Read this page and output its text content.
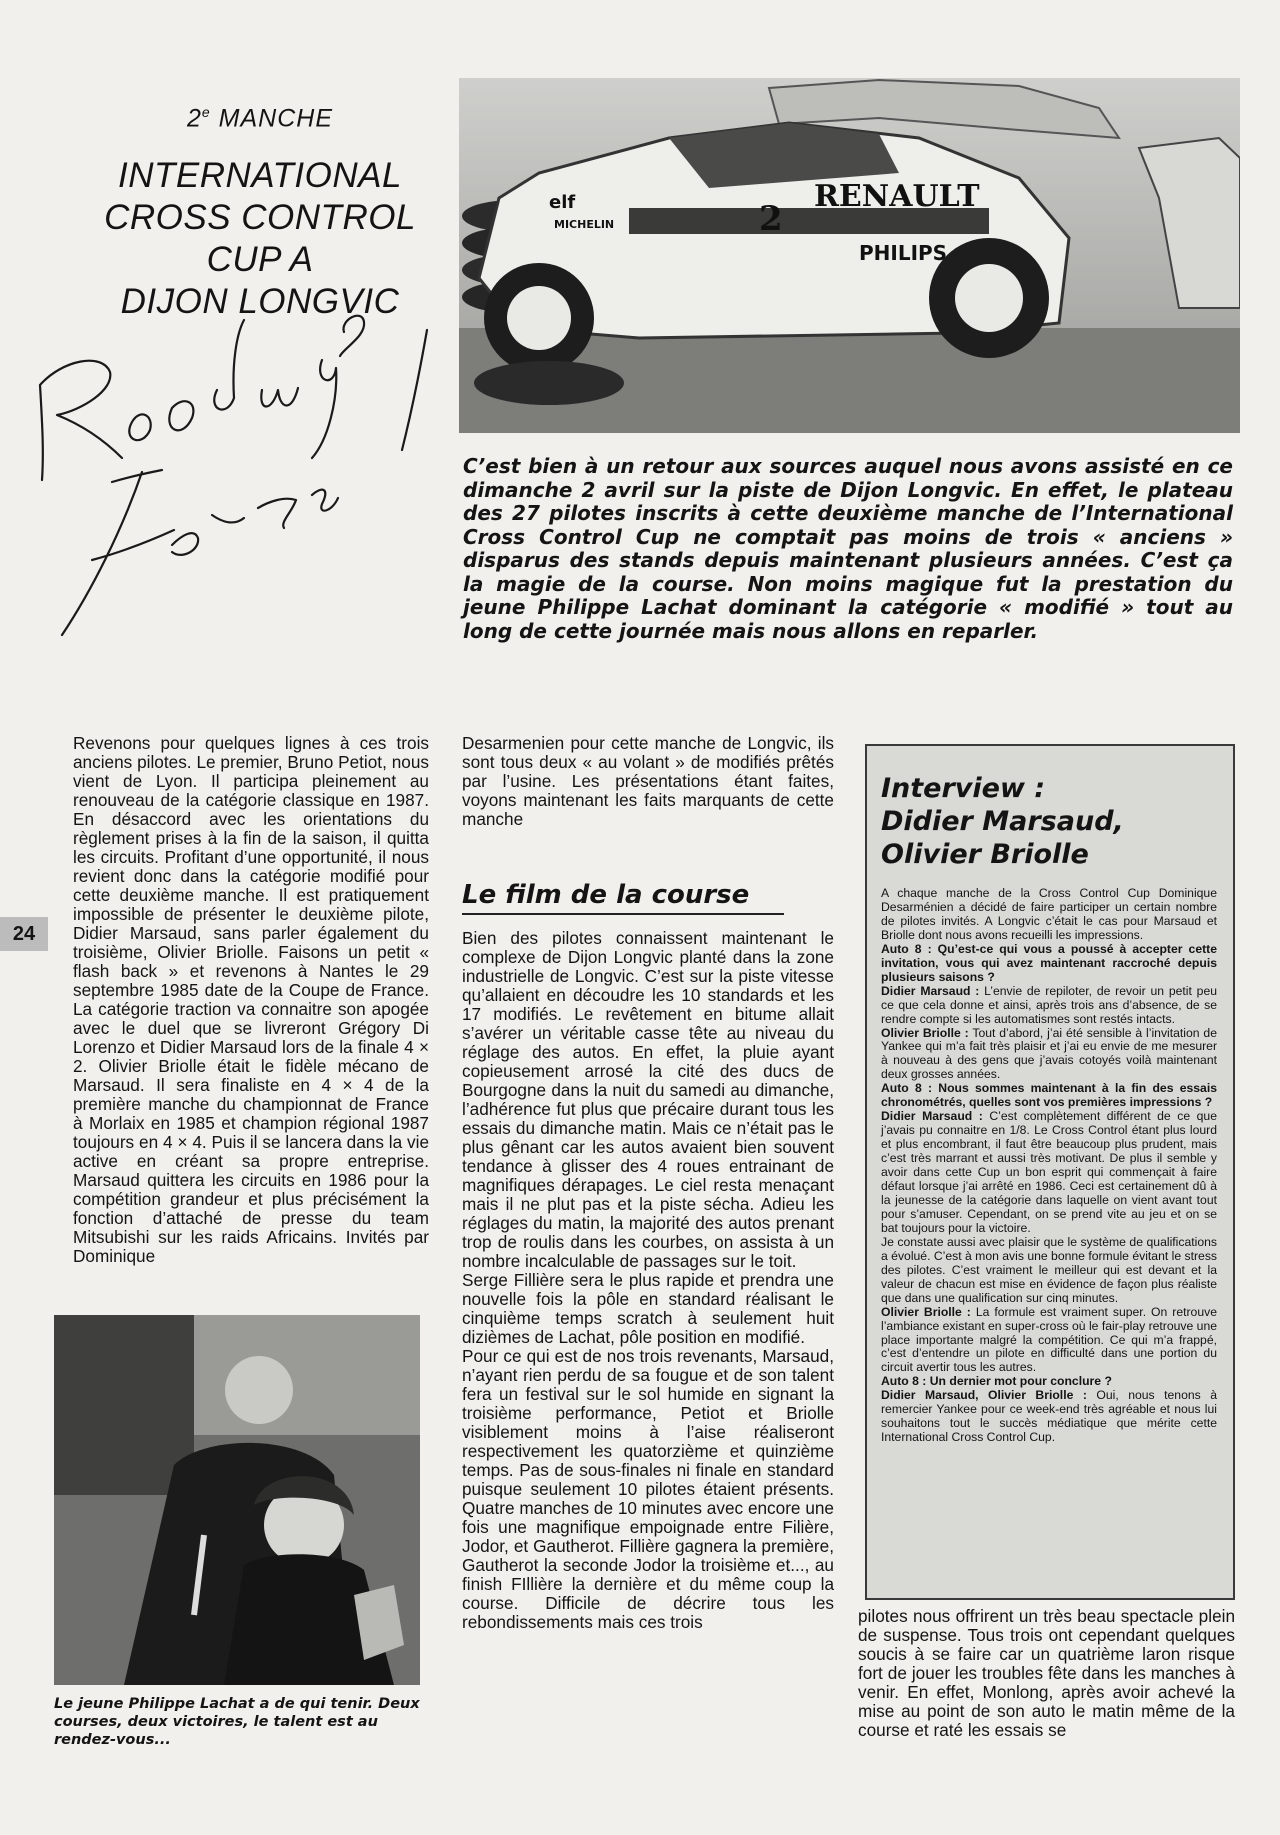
24
2e MANCHE
INTERNATIONAL
CROSS CONTROL
CUP A
DIJON LONGVIC
2
RENAULT
PHILIPS
elf
MICHELIN
C’est bien à un retour aux sources auquel nous avons assisté en ce dimanche 2 avril sur la piste de Dijon Longvic. En effet, le plateau des 27 pilotes inscrits à cette deuxième manche de l’International Cross Control Cup ne comptait pas moins de trois « anciens » disparus des stands depuis maintenant plusieurs années. C’est ça la magie de la course. Non moins magique fut la prestation du jeune Philippe Lachat dominant la catégorie « modifié » tout au long de cette journée mais nous allons en reparler.

Revenons pour quelques lignes à ces trois anciens pilotes. Le premier, Bruno Petiot, nous vient de Lyon. Il participa pleinement au renouveau de la catégorie classique en 1987. En désaccord avec les orientations du règlement prises à la fin de la saison, il quitta les circuits. Profitant d’une opportunité, il nous revient donc dans la catégorie modifié pour cette deuxième manche. Il est pratiquement impossible de présenter le deuxième pilote, Didier Marsaud, sans parler également du troisième, Olivier Briolle. Faisons un petit « flash back » et revenons à Nantes le 29 septembre 1985 date de la Coupe de France. La catégorie traction va connaitre son apogée avec le duel que se livreront Grégory Di Lorenzo et Didier Marsaud lors de la finale 4 × 2. Olivier Briolle était le fidèle mécano de Marsaud. Il sera finaliste en 4 × 4 de la première manche du championnat de France à Morlaix en 1985 et champion régional 1987 toujours en 4 × 4. Puis il se lancera dans la vie active en créant sa propre entreprise. Marsaud quittera les circuits en 1986 pour la compétition grandeur et plus précisément la fonction d’attaché de presse du team Mitsubishi sur les raids Africains. Invités par Dominique

Desarmenien pour cette manche de Longvic, ils sont tous deux « au volant » de modifiés prêtés par l’usine. Les présentations étant faites, voyons maintenant les faits marquants de cette manche

Le film de la course

Bien des pilotes connaissent maintenant le complexe de Dijon Longvic planté dans la zone industrielle de Longvic. C’est sur la piste vitesse qu’allaient en découdre les 10 standards et les 17 modifiés. Le revêtement en bitume allait s’avérer un véritable casse tête au niveau du réglage des autos. En effet, la pluie ayant copieusement arrosé la cité des ducs de Bourgogne dans la nuit du samedi au dimanche, l’adhérence fut plus que précaire durant tous les essais du dimanche matin. Mais ce n’était pas le plus gênant car les autos avaient bien souvent tendance à glisser des 4 roues entrainant de magnifiques dérapages. Le ciel resta menaçant mais il ne plut pas et la piste sécha. Adieu les réglages du matin, la majorité des autos prenant trop de roulis dans les courbes, on assista à un nombre incalculable de passages sur le toit.

Serge Fillière sera le plus rapide et prendra une nouvelle fois la pôle en standard réalisant le cinquième temps scratch à seulement huit dizièmes de Lachat, pôle position en modifié.

Pour ce qui est de nos trois revenants, Marsaud, n’ayant rien perdu de sa fougue et de son talent fera un festival sur le sol humide en signant la troisième performance, Petiot et Briolle visiblement moins à l’aise réaliseront respectivement les quatorzième et quinzième temps. Pas de sous-finales ni finale en standard puisque seulement 10 pilotes étaient présents. Quatre manches de 10 minutes avec encore une fois une magnifique empoignade entre Filière, Jodor, et Gautherot. Fillière gagnera la première, Gautherot la seconde Jodor la troisième et..., au finish FIllière la dernière et du même coup la course. Difficile de décrire tous les rebondissements mais ces trois

Le jeune Philippe Lachat a de qui tenir. Deux courses, deux victoires, le talent est au rendez-vous...
Interview :
Didier Marsaud,
Olivier Briolle

A chaque manche de la Cross Control Cup Dominique Desarménien a décidé de faire participer un certain nombre de pilotes invités. A Longvic c’était le cas pour Marsaud et Briolle dont nous avons recueilli les impressions.

Auto 8 : Qu’est-ce qui vous a poussé à accepter cette invitation, vous qui avez maintenant raccroché depuis plusieurs saisons ?

Didier Marsaud : L’envie de repiloter, de revoir un petit peu ce que cela donne et ainsi, après trois ans d’absence, de se rendre compte si les automatismes sont restés intacts.

Olivier Briolle : Tout d’abord, j’ai été sensible à l’invitation de Yankee qui m’a fait très plaisir et j’ai eu envie de me mesurer à nouveau à des gens que j’avais cotoyés voilà maintenant deux grosses années.

Auto 8 : Nous sommes maintenant à la fin des essais chronométrés, quelles sont vos premières impressions ?

Didier Marsaud : C’est complètement différent de ce que j’avais pu connaitre en 1/8. Le Cross Control étant plus lourd et plus encombrant, il faut être beaucoup plus prudent, mais c’est très marrant et aussi très motivant. De plus il semble y avoir dans cette Cup un bon esprit qui commençait à faire défaut lorsque j’ai arrêté en 1986. Ceci est certainement dû à la jeunesse de la catégorie dans laquelle on vient avant tout pour s’amuser. Cependant, on se prend vite au jeu et on se bat toujours pour la victoire.

Je constate aussi avec plaisir que le système de qualifications a évolué. C’est à mon avis une bonne formule évitant le stress des pilotes. C’est vraiment le meilleur qui est devant et la valeur de chacun est mise en évidence de façon plus réaliste que dans une qualification sur cinq minutes.

Olivier Briolle : La formule est vraiment super. On retrouve l’ambiance existant en super-cross où le fair-play retrouve une place importante malgré la compétition. Ce qui m’a frappé, c’est d’entendre un pilote en difficulté dans une portion du circuit avertir tous les autres.

Auto 8 : Un dernier mot pour conclure ?

Didier Marsaud, Olivier Briolle : Oui, nous tenons à remercier Yankee pour ce week-end très agréable et nous lui souhaitons tout le succès médiatique que mérite cette International Cross Control Cup.

pilotes nous offrirent un très beau spectacle plein de suspense. Tous trois ont cependant quelques soucis à se faire car un quatrième laron risque fort de jouer les troubles fête dans les manches à venir. En effet, Monlong, après avoir achevé la mise au point de son auto le matin même de la course et raté les essais se
